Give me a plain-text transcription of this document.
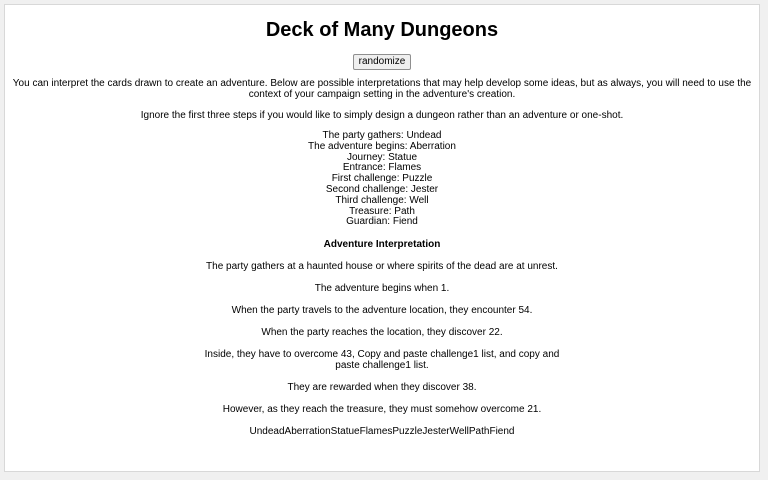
Deck of Many Dungeons
randomize

You can interpret the cards drawn to create an adventure. Below are possible interpretations that may help develop some ideas, but as always, you will need to use the context of your campaign setting in the adventure's creation.

Ignore the first three steps if you would like to simply design a dungeon rather than an adventure or one-shot.

The party gathers: Undead
The adventure begins: Aberration
Journey: Statue
Entrance: Flames
First challenge: Puzzle
Second challenge: Jester
Third challenge: Well
Treasure: Path
Guardian: Fiend

Adventure Interpretation

The party gathers at a haunted house or where spirits of the dead are at unrest.

The adventure begins when 1.

When the party travels to the adventure location, they encounter 54.

When the party reaches the location, they discover 22.

Inside, they have to overcome 43, Copy and paste challenge1 list, and copy and paste challenge1 list.

They are rewarded when they discover 38.

However, as they reach the treasure, they must somehow overcome 21.

UndeadAberrationStatueFlamesPuzzleJesterWellPathFiend
